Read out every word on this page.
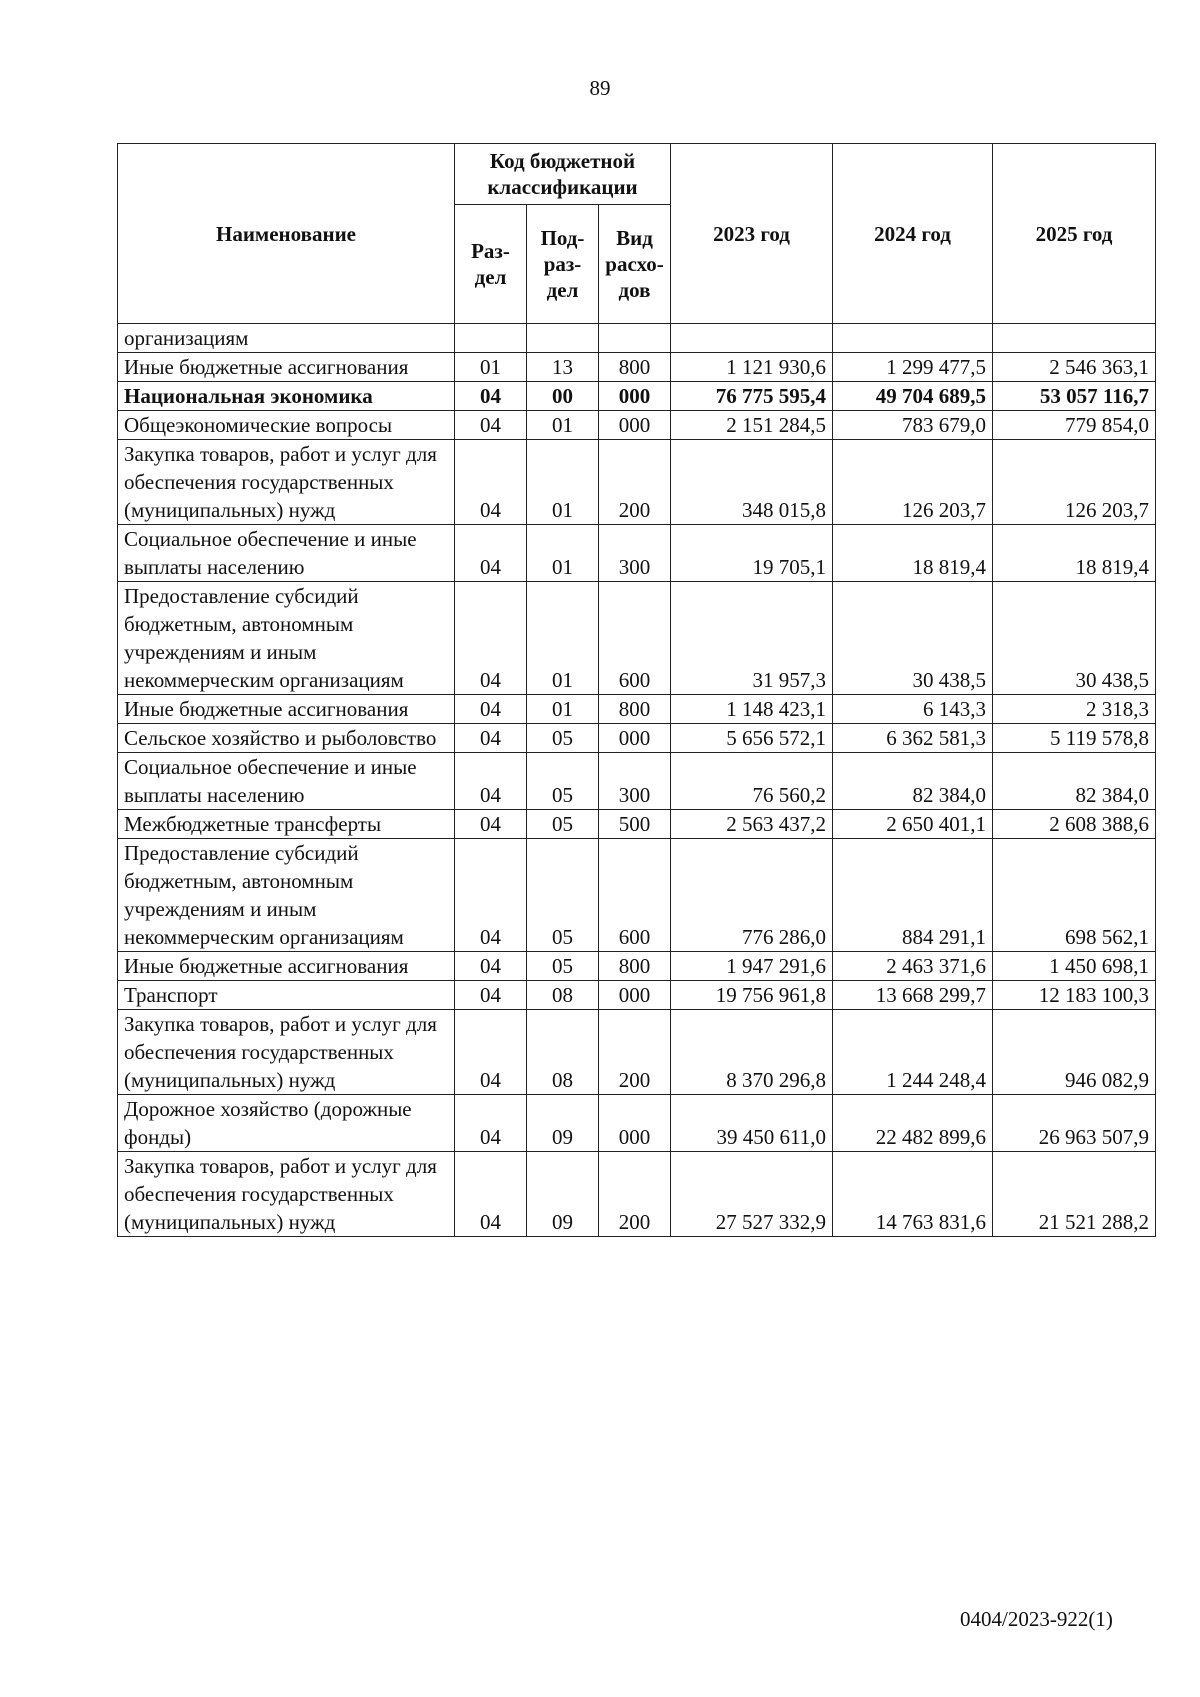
89
Наименование	Код бюджетной классификации			2023 год	2024 год	2025 год
	Раз-дел	Под-раз-дел	Вид расхо-дов			
организациям						
Иные бюджетные ассигнования	01	13	800	1 121 930,6	1 299 477,5	2 546 363,1
Национальная экономика	04	00	000	76 775 595,4	49 704 689,5	53 057 116,7
Общеэкономические вопросы	04	01	000	2 151 284,5	783 679,0	779 854,0
Закупка товаров, работ и услуг для обеспечения государственных (муниципальных) нужд	04	01	200	348 015,8	126 203,7	126 203,7
Социальное обеспечение и иные выплаты населению	04	01	300	19 705,1	18 819,4	18 819,4
Предоставление субсидий бюджетным, автономным учреждениям и иным некоммерческим организациям	04	01	600	31 957,3	30 438,5	30 438,5
Иные бюджетные ассигнования	04	01	800	1 148 423,1	6 143,3	2 318,3
Сельское хозяйство и рыболовство	04	05	000	5 656 572,1	6 362 581,3	5 119 578,8
Социальное обеспечение и иные выплаты населению	04	05	300	76 560,2	82 384,0	82 384,0
Межбюджетные трансферты	04	05	500	2 563 437,2	2 650 401,1	2 608 388,6
Предоставление субсидий бюджетным, автономным учреждениям и иным некоммерческим организациям	04	05	600	776 286,0	884 291,1	698 562,1
Иные бюджетные ассигнования	04	05	800	1 947 291,6	2 463 371,6	1 450 698,1
Транспорт	04	08	000	19 756 961,8	13 668 299,7	12 183 100,3
Закупка товаров, работ и услуг для обеспечения государственных (муниципальных) нужд	04	08	200	8 370 296,8	1 244 248,4	946 082,9
Дорожное хозяйство (дорожные фонды)	04	09	000	39 450 611,0	22 482 899,6	26 963 507,9
Закупка товаров, работ и услуг для обеспечения государственных (муниципальных) нужд	04	09	200	27 527 332,9	14 763 831,6	21 521 288,2
0404/2023-922(1)
